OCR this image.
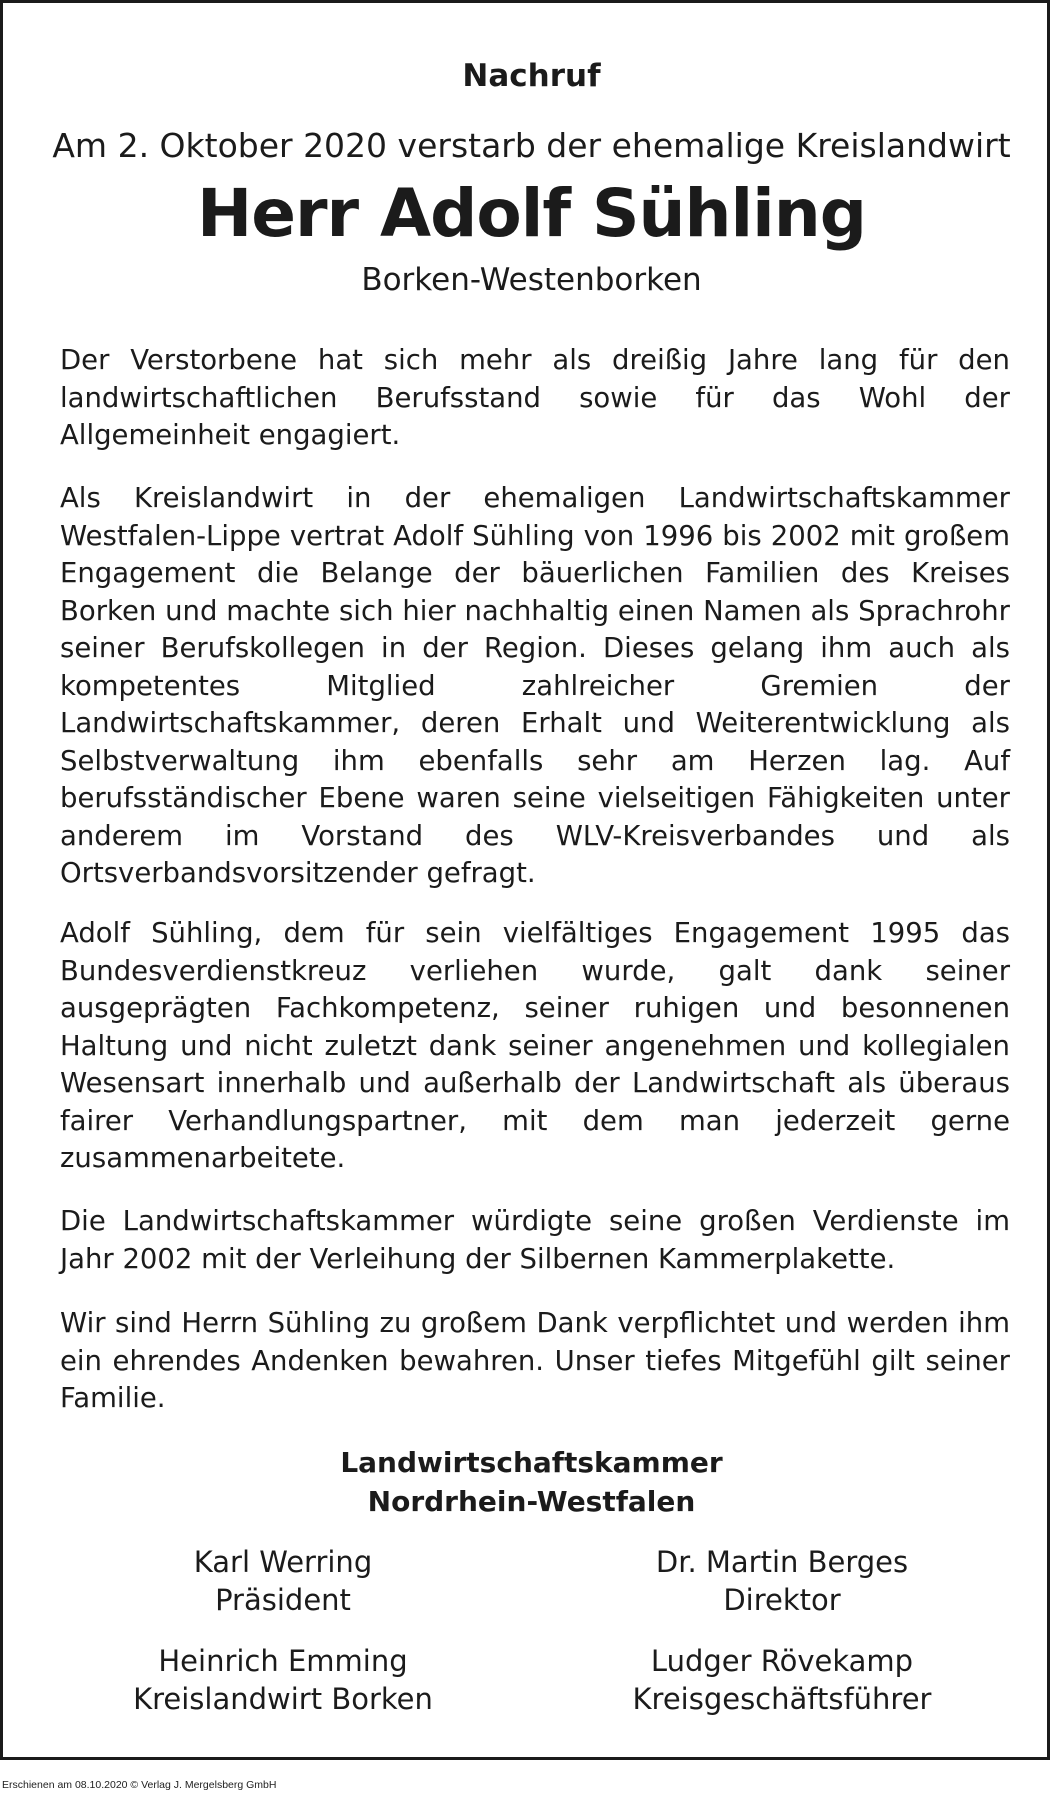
Nachruf
Am 2. Oktober 2020 verstarb der ehemalige Kreislandwirt
Herr Adolf Sühling
Borken-Westenborken

Der Verstorbene hat sich mehr als dreißig Jahre lang für den landwirtschaftlichen Berufsstand sowie für das Wohl der Allgemeinheit engagiert.

Als Kreislandwirt in der ehemaligen Landwirtschaftskammer Westfalen-Lippe vertrat Adolf Sühling von 1996 bis 2002 mit großem Engagement die Belange der bäuerlichen Familien des Kreises Borken und machte sich hier nachhaltig einen Namen als Sprachrohr seiner Berufskollegen in der Region. Dieses gelang ihm auch als kompetentes Mitglied zahlreicher Gremien der Landwirtschaftskammer, deren Erhalt und Weiterentwicklung als Selbstverwaltung ihm ebenfalls sehr am Herzen lag. Auf berufsständischer Ebene waren seine vielseitigen Fähigkeiten unter anderem im Vorstand des WLV-Kreisverbandes und als Ortsverbandsvorsitzender gefragt.

Adolf Sühling, dem für sein vielfältiges Engagement 1995 das Bundesverdienstkreuz verliehen wurde, galt dank seiner ausgeprägten Fachkompetenz, seiner ruhigen und besonnenen Haltung und nicht zuletzt dank seiner angenehmen und kollegialen Wesensart innerhalb und außerhalb der Landwirtschaft als überaus fairer Verhandlungspartner, mit dem man jederzeit gerne zusammenarbeitete.

Die Landwirtschaftskammer würdigte seine großen Verdienste im Jahr 2002 mit der Verleihung der Silbernen Kammerplakette.

Wir sind Herrn Sühling zu großem Dank verpflichtet und werden ihm ein ehrendes Andenken bewahren. Unser tiefes Mitgefühl gilt seiner Familie.

Landwirtschaftskammer
Nordrhein-Westfalen
Karl Werring
Präsident
Dr. Martin Berges
Direktor
Heinrich Emming
Kreislandwirt Borken
Ludger Rövekamp
Kreisgeschäftsführer
Erschienen am 08.10.2020 © Verlag J. Mergelsberg GmbH
